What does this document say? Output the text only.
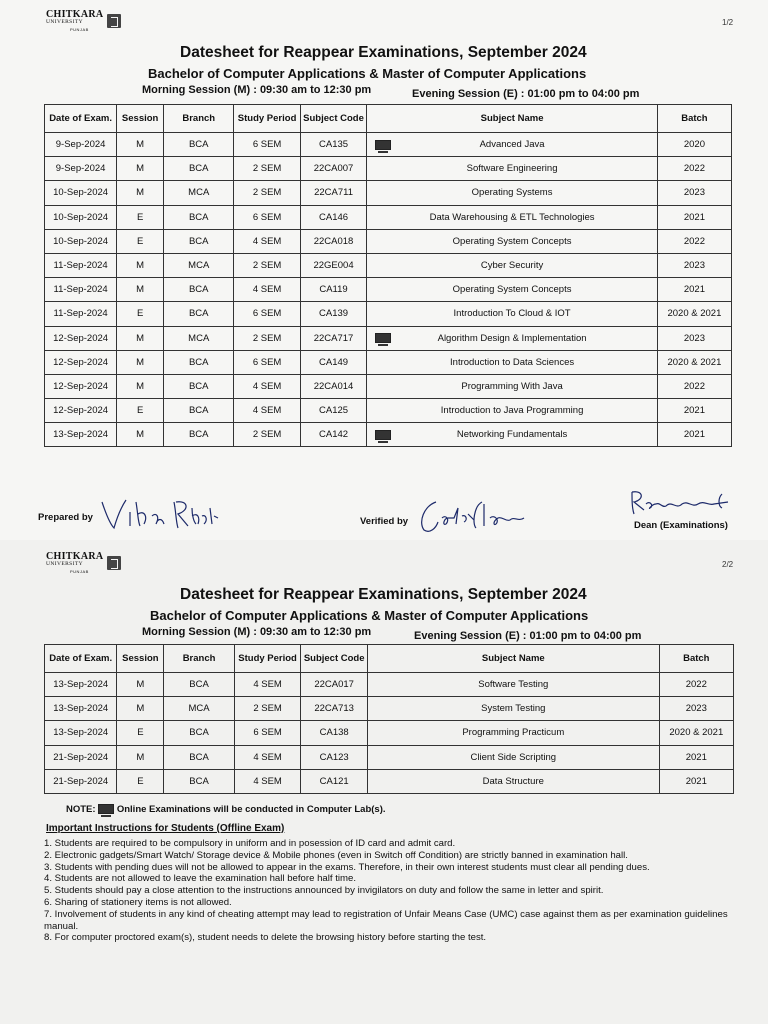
CHITKARA
UNIVERSITY
PUNJAB
1/2
Datesheet for Reappear Examinations, September 2024
Bachelor of Computer Applications & Master of Computer Applications
Morning Session (M) : 09:30 am to 12:30 pm	Evening Session (E) : 01:00 pm to 04:00 pm
Date of Exam.	Session	Branch	Study Period	Subject Code	Subject Name	Batch
9-Sep-2024	M	BCA	6 SEM	CA135	Advanced Java	2020
9-Sep-2024	M	BCA	2 SEM	22CA007	Software Engineering	2022
10-Sep-2024	M	MCA	2 SEM	22CA711	Operating Systems	2023
10-Sep-2024	E	BCA	6 SEM	CA146	Data Warehousing & ETL Technologies	2021
10-Sep-2024	E	BCA	4 SEM	22CA018	Operating System Concepts	2022
11-Sep-2024	M	MCA	2 SEM	22GE004	Cyber Security	2023
11-Sep-2024	M	BCA	4 SEM	CA119	Operating System Concepts	2021
11-Sep-2024	E	BCA	6 SEM	CA139	Introduction To Cloud & IOT	2020 & 2021
12-Sep-2024	M	MCA	2 SEM	22CA717	Algorithm Design & Implementation	2023
12-Sep-2024	M	BCA	6 SEM	CA149	Introduction to Data Sciences	2020 & 2021
12-Sep-2024	M	BCA	4 SEM	22CA014	Programming With Java	2022
12-Sep-2024	E	BCA	4 SEM	CA125	Introduction to Java Programming	2021
13-Sep-2024	M	BCA	2 SEM	CA142	Networking Fundamentals	2021
Prepared by	Verified by	Dean (Examinations)
CHITKARA
UNIVERSITY
PUNJAB
2/2
Datesheet for Reappear Examinations, September 2024
Bachelor of Computer Applications & Master of Computer Applications
Morning Session (M) : 09:30 am to 12:30 pm	Evening Session (E) : 01:00 pm to 04:00 pm
Date of Exam.	Session	Branch	Study Period	Subject Code	Subject Name	Batch
13-Sep-2024	M	BCA	4 SEM	22CA017	Software Testing	2022
13-Sep-2024	M	MCA	2 SEM	22CA713	System Testing	2023
13-Sep-2024	E	BCA	6 SEM	CA138	Programming Practicum	2020 & 2021
21-Sep-2024	M	BCA	4 SEM	CA123	Client Side Scripting	2021
21-Sep-2024	E	BCA	4 SEM	CA121	Data Structure	2021
NOTE: Online Examinations will be conducted in Computer Lab(s).
Important Instructions for Students (Offline Exam)
1. Students are required to be compulsory in uniform and in posession of ID card and admit card.
2. Electronic gadgets/Smart Watch/ Storage device & Mobile phones (even in Switch off Condition) are strictly banned in examination hall.
3. Students with pending dues will not be allowed to appear in the exams. Therefore, in their own interest students must clear all pending dues.
4. Students are not allowed to leave the examination hall before half time.
5. Students should pay a close attention to the instructions announced by invigilators on duty and follow the same in letter and spirit.
6. Sharing of stationery items is not allowed.
7. Involvement of students in any kind of cheating attempt may lead to registration of Unfair Means Case (UMC) case against them as per examination guidelines manual.
8. For computer proctored exam(s), student needs to delete the browsing history before starting the test.
